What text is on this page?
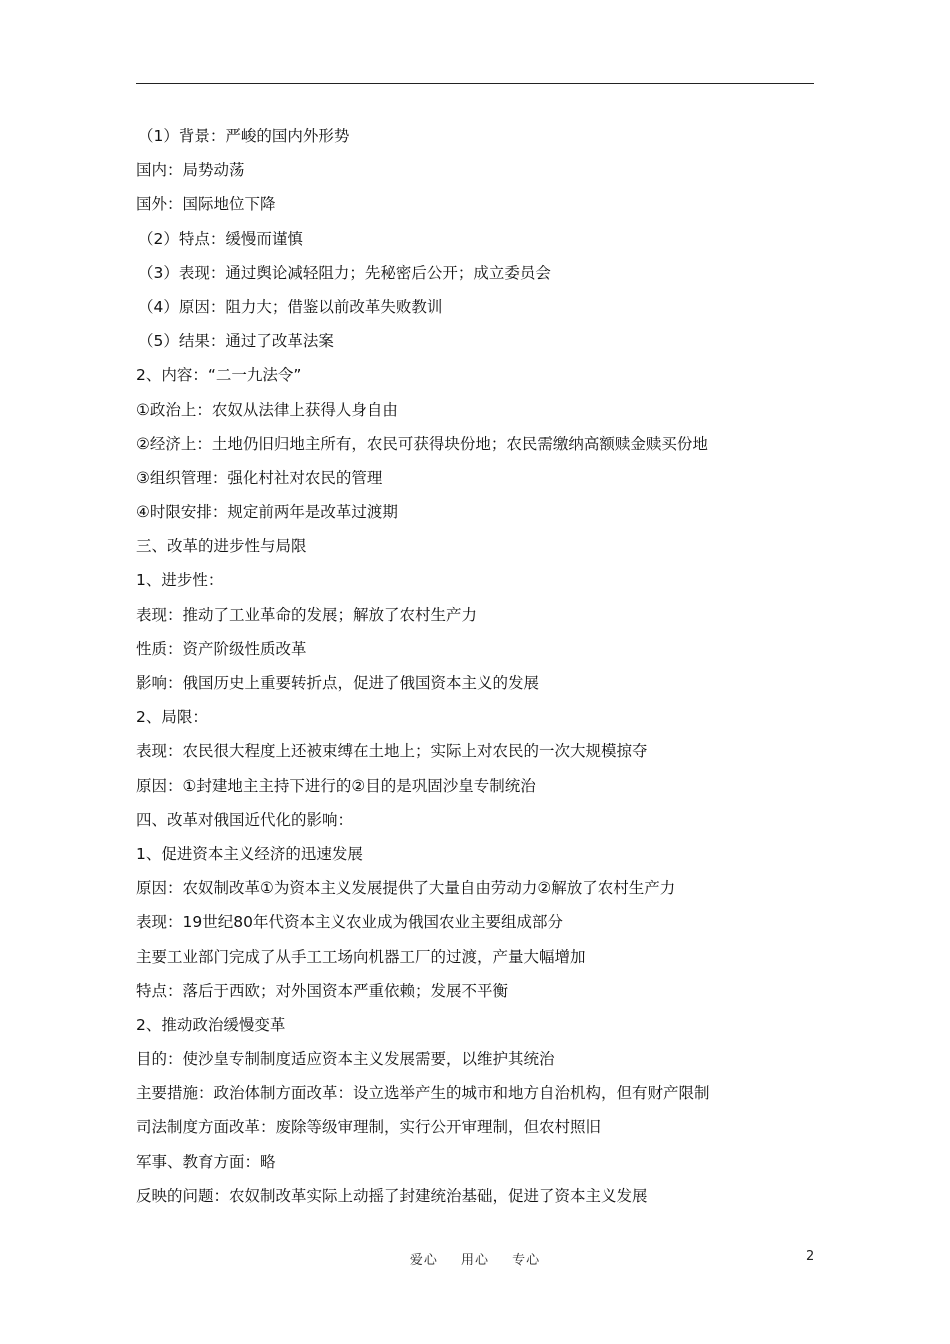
（1）背景：严峻的国内外形势
国内：局势动荡
国外：国际地位下降
（2）特点：缓慢而谨慎
（3）表现：通过舆论减轻阻力；先秘密后公开；成立委员会
（4）原因：阻力大；借鉴以前改革失败教训
（5）结果：通过了改革法案
2、内容：“二一九法令”
①政治上：农奴从法律上获得人身自由
②经济上：土地仍旧归地主所有，农民可获得块份地；农民需缴纳高额赎金赎买份地
③组织管理：强化村社对农民的管理
④时限安排：规定前两年是改革过渡期
三、改革的进步性与局限
1、进步性：
表现：推动了工业革命的发展；解放了农村生产力
性质：资产阶级性质改革
影响：俄国历史上重要转折点，促进了俄国资本主义的发展
2、局限：
表现：农民很大程度上还被束缚在土地上；实际上对农民的一次大规模掠夺
原因：①封建地主主持下进行的②目的是巩固沙皇专制统治
四、改革对俄国近代化的影响：
1、促进资本主义经济的迅速发展
原因：农奴制改革①为资本主义发展提供了大量自由劳动力②解放了农村生产力
表现：19世纪80年代资本主义农业成为俄国农业主要组成部分
主要工业部门完成了从手工工场向机器工厂的过渡，产量大幅增加
特点：落后于西欧；对外国资本严重依赖；发展不平衡
2、推动政治缓慢变革
目的：使沙皇专制制度适应资本主义发展需要，以维护其统治
主要措施：政治体制方面改革：设立选举产生的城市和地方自治机构，但有财产限制
司法制度方面改革：废除等级审理制，实行公开审理制，但农村照旧
军事、教育方面：略
反映的问题：农奴制改革实际上动摇了封建统治基础，促进了资本主义发展
爱心 用心 专心	2
